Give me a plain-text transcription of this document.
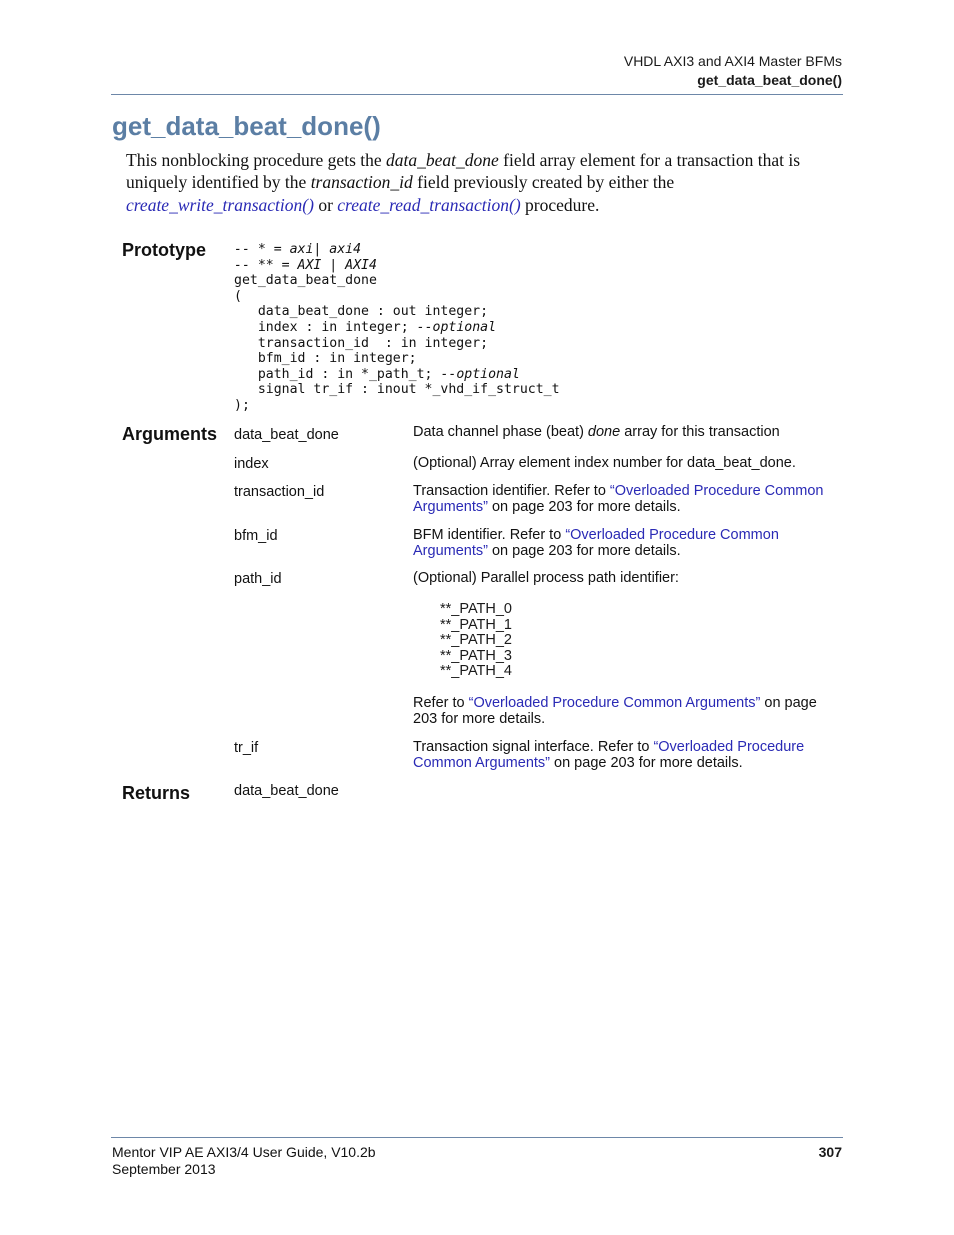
VHDL AXI3 and AXI4 Master BFMs
get_data_beat_done()
get_data_beat_done()

This nonblocking procedure gets the data_beat_done field array element for a transaction that is uniquely identified by the transaction_id field previously created by either the
create_write_transaction() or create_read_transaction() procedure.

Prototype -- * = axi| axi4
-- ** = AXI | AXI4
get_data_beat_done
(
data_beat_done : out integer;
index : in integer; --optional
transaction_id  : in integer;
bfm_id : in integer;
path_id : in *_path_t; --optional
signal tr_if : inout *_vhd_if_struct_t
);
Arguments data_beat_done	Data channel phase (beat) done array for this transaction
index	(Optional) Array element index number for data_beat_done.
transaction_id	Transaction identifier. Refer to “Overloaded Procedure Common Arguments” on page 203 for more details.
bfm_id	BFM identifier. Refer to “Overloaded Procedure Common Arguments” on page 203 for more details.
path_id	(Optional) Parallel process path identifier:
**_PATH_0
**_PATH_1
**_PATH_2
**_PATH_3
**_PATH_4
Refer to “Overloaded Procedure Common Arguments” on page 203 for more details.
tr_if	Transaction signal interface. Refer to “Overloaded Procedure Common Arguments” on page 203 for more details.
Returns	data_beat_done
Mentor VIP AE AXI3/4 User Guide, V10.2b
September 2013
307
